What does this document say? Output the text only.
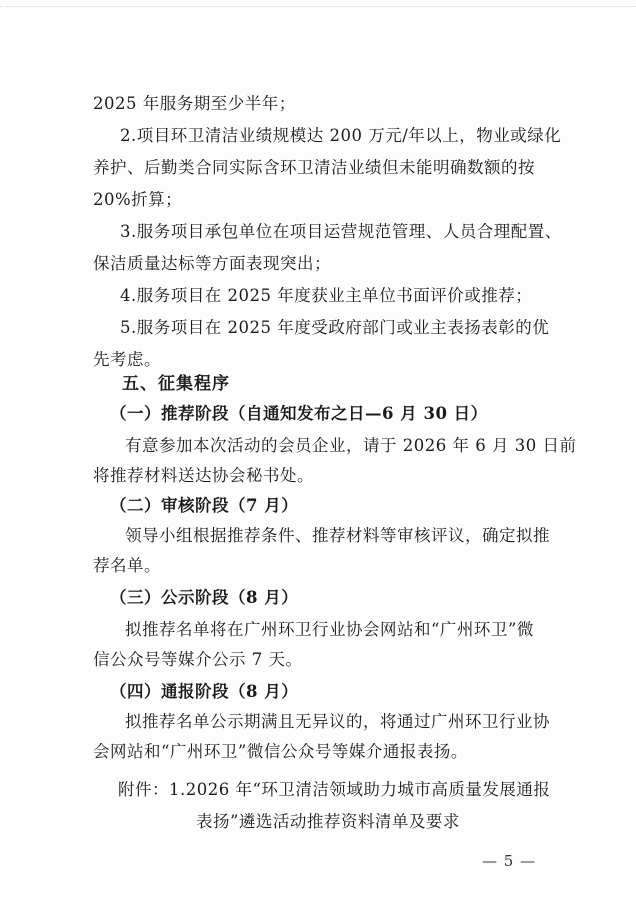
2025 年服务期至少半年；
2.项目环卫清洁业绩规模达 200 万元/年以上，物业或绿化
养护、后勤类合同实际含环卫清洁业绩但未能明确数额的按
20%折算；
3.服务项目承包单位在项目运营规范管理、人员合理配置、
保洁质量达标等方面表现突出；
4.服务项目在 2025 年度获业主单位书面评价或推荐；
5.服务项目在 2025 年度受政府部门或业主表扬表彰的优
先考虑。
五、征集程序
（一）推荐阶段（自通知发布之日—6 月 30 日）
有意参加本次活动的会员企业，请于 2026 年 6 月 30 日前
将推荐材料送达协会秘书处。
（二）审核阶段（7 月）
领导小组根据推荐条件、推荐材料等审核评议，确定拟推
荐名单。
（三）公示阶段（8 月）
拟推荐名单将在广州环卫行业协会网站和“广州环卫”微
信公众号等媒介公示 7 天。
（四）通报阶段（8 月）
拟推荐名单公示期满且无异议的，将通过广州环卫行业协
会网站和“广州环卫”微信公众号等媒介通报表扬。
— 5 —
附件：1.2026 年“环卫清洁领域助力城市高质量发展通报
表扬”遴选活动推荐资料清单及要求
